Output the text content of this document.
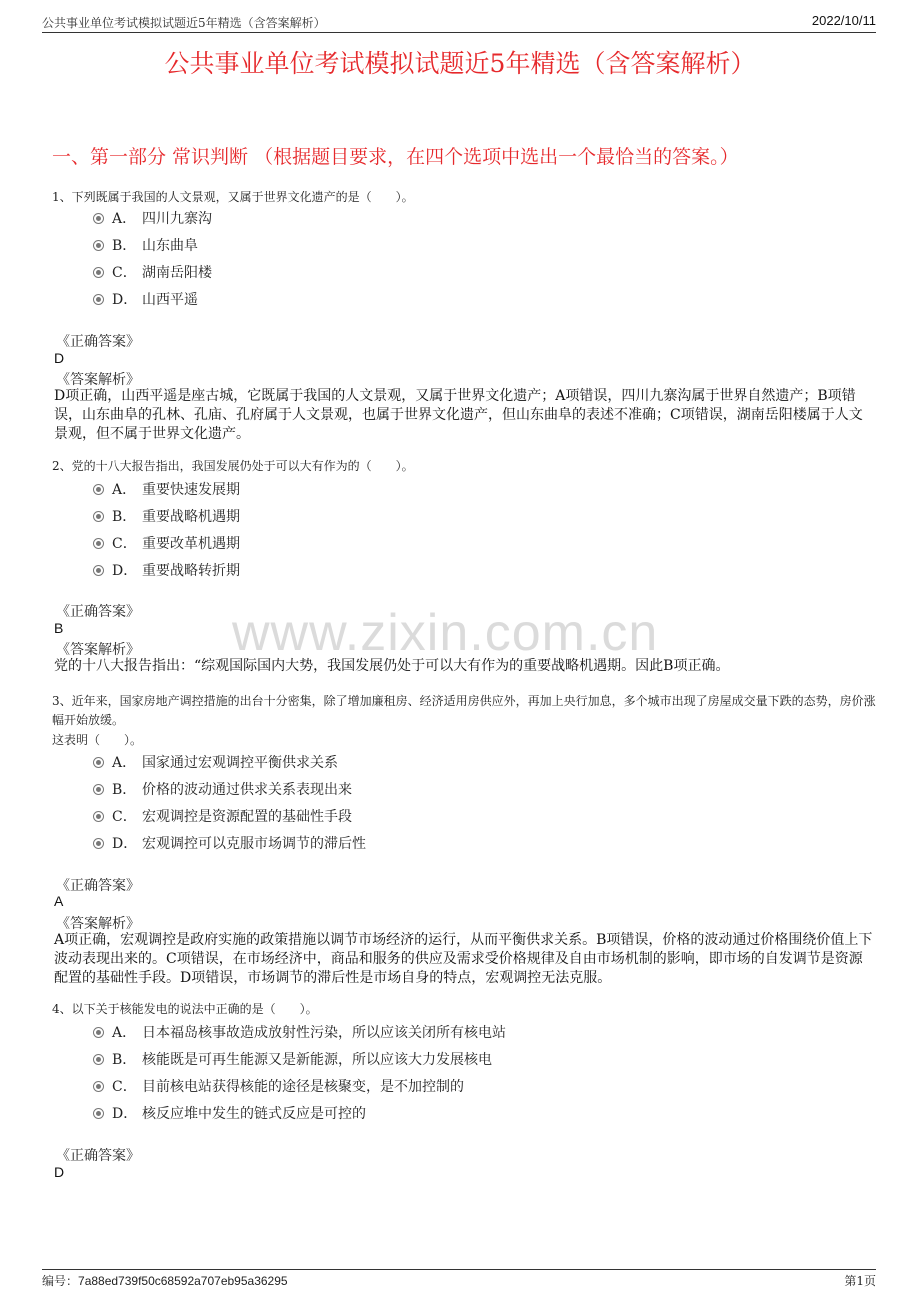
公共事业单位考试模拟试题近5年精选（含答案解析）	2022/10/11
公共事业单位考试模拟试题近5年精选（含答案解析）
一、第一部分 常识判断 （根据题目要求，在四个选项中选出一个最恰当的答案。）
www.zixin.com.cn
1、下列既属于我国的人文景观，又属于世界文化遗产的是（　　）。
A． 四川九寨沟
B． 山东曲阜
C． 湖南岳阳楼
D． 山西平遥
《正确答案》
D
《答案解析》
D项正确，山西平遥是座古城，它既属于我国的人文景观，又属于世界文化遗产；A项错误，四川九寨沟属于世界自然遗产；B项错误，山东曲阜的孔林、孔庙、孔府属于人文景观，也属于世界文化遗产，但山东曲阜的表述不准确；C项错误，湖南岳阳楼属于人文景观，但不属于世界文化遗产。
2、党的十八大报告指出，我国发展仍处于可以大有作为的（　　）。
A． 重要快速发展期
B． 重要战略机遇期
C． 重要改革机遇期
D． 重要战略转折期
《正确答案》
B
《答案解析》
党的十八大报告指出：“综观国际国内大势，我国发展仍处于可以大有作为的重要战略机遇期。因此B项正确。
3、近年来，国家房地产调控措施的出台十分密集，除了增加廉租房、经济适用房供应外，再加上央行加息，多个城市出现了房屋成交量下跌的态势，房价涨幅开始放缓。
这表明（　　）。
A． 国家通过宏观调控平衡供求关系
B． 价格的波动通过供求关系表现出来
C． 宏观调控是资源配置的基础性手段
D． 宏观调控可以克服市场调节的滞后性
《正确答案》
A
《答案解析》
A项正确，宏观调控是政府实施的政策措施以调节市场经济的运行，从而平衡供求关系。B项错误，价格的波动通过价格围绕价值上下波动表现出来的。C项错误，在市场经济中，商品和服务的供应及需求受价格规律及自由市场机制的影响，即市场的自发调节是资源配置的基础性手段。D项错误，市场调节的滞后性是市场自身的特点，宏观调控无法克服。
4、以下关于核能发电的说法中正确的是（　　）。
A． 日本福岛核事故造成放射性污染，所以应该关闭所有核电站
B． 核能既是可再生能源又是新能源，所以应该大力发展核电
C． 目前核电站获得核能的途径是核聚变，是不加控制的
D． 核反应堆中发生的链式反应是可控的
《正确答案》
D
编号：7a88ed739f50c68592a707eb95a36295	第1页
